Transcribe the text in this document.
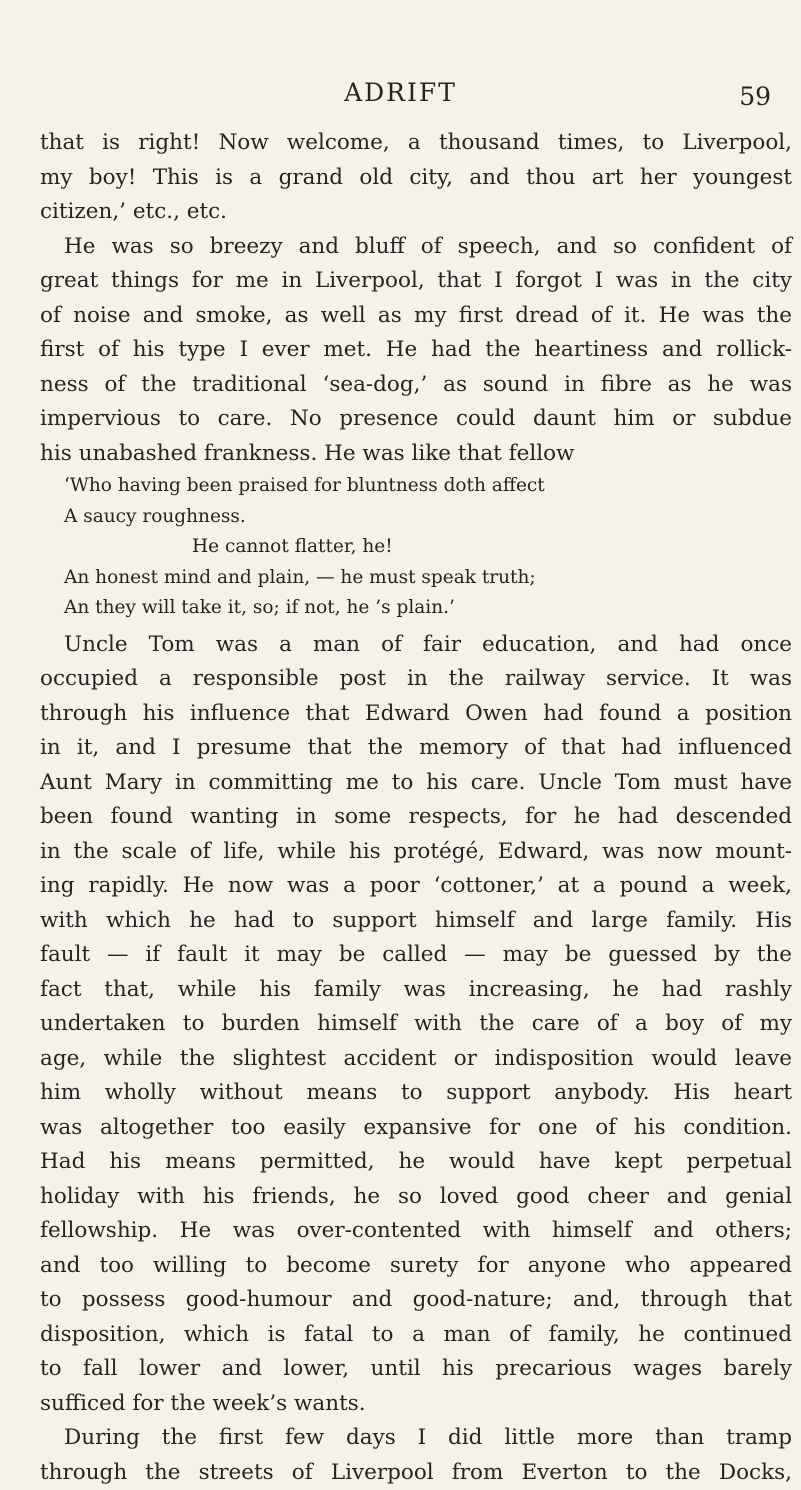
ADRIFT	59
that is right! Now welcome, a thousand times, to Liverpool,
my boy! This is a grand old city, and thou art her youngest
citizen,’ etc., etc.
He was so breezy and bluff of speech, and so confident of
great things for me in Liverpool, that I forgot I was in the city
of noise and smoke, as well as my first dread of it. He was the
first of his type I ever met. He had the heartiness and rollick-
ness of the traditional ‘sea-dog,’ as sound in fibre as he was
impervious to care. No presence could daunt him or subdue
his unabashed frankness. He was like that fellow
‘Who having been praised for bluntness doth affect
A saucy roughness.
He cannot flatter, he!
An honest mind and plain, — he must speak truth;
An they will take it, so; if not, he ’s plain.’
Uncle Tom was a man of fair education, and had once
occupied a responsible post in the railway service. It was
through his influence that Edward Owen had found a position
in it, and I presume that the memory of that had influenced
Aunt Mary in committing me to his care. Uncle Tom must have
been found wanting in some respects, for he had descended
in the scale of life, while his protégé, Edward, was now mount-
ing rapidly. He now was a poor ‘cottoner,’ at a pound a week,
with which he had to support himself and large family. His
fault — if fault it may be called — may be guessed by the
fact that, while his family was increasing, he had rashly
undertaken to burden himself with the care of a boy of my
age, while the slightest accident or indisposition would leave
him wholly without means to support anybody. His heart
was altogether too easily expansive for one of his condition.
Had his means permitted, he would have kept perpetual
holiday with his friends, he so loved good cheer and genial
fellowship. He was over-contented with himself and others;
and too willing to become surety for anyone who appeared
to possess good-humour and good-nature; and, through that
disposition, which is fatal to a man of family, he continued
to fall lower and lower, until his precarious wages barely
sufficed for the week’s wants.
During the first few days I did little more than tramp
through the streets of Liverpool from Everton to the Docks,
